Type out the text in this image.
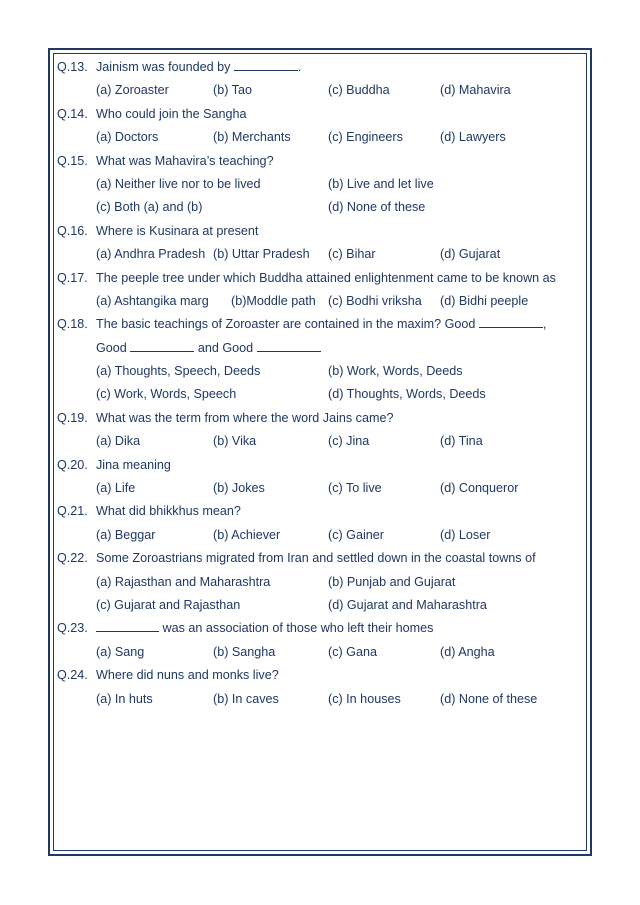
Q.13. Jainism was founded by	.
(a) Zoroaster	(b) Tao	(c) Buddha	(d) Mahavira
Q.14. Who could join the Sangha
(a) Doctors	(b) Merchants	(c) Engineers	(d) Lawyers
Q.15. What was Mahavira’s teaching?
(a) Neither live nor to be lived	(b) Live and let live
(c) Both (a) and (b)	(d) None of these
Q.16. Where is Kusinara at present
(a) Andhra Pradesh (b) Uttar Pradesh (c) Bihar	(d) Gujarat
Q.17. The peeple tree under which Buddha attained enlightenment came to be known as
(a) Ashtangika marg (b)Moddle path (c) Bodhi vriksha (d) Bidhi peeple
Q.18. The basic teachings of Zoroaster are contained in the maxim? Good	,
Good	and Good
(a) Thoughts, Speech, Deeds	(b) Work, Words, Deeds
(c) Work, Words, Speech	(d) Thoughts, Words, Deeds
Q.19. What was the term from where the word Jains came?
(a) Dika	(b) Vika	(c) Jina	(d) Tina
Q.20. Jina meaning
(a) Life	(b) Jokes	(c) To live	(d) Conqueror
Q.21. What did bhikkhus mean?
(a) Beggar	(b) Achiever	(c) Gainer	(d) Loser
Q.22. Some Zoroastrians migrated from Iran and settled down in the coastal towns of
(a) Rajasthan and Maharashtra	(b) Punjab and Gujarat
(c) Gujarat and Rajasthan	(d) Gujarat and Maharashtra
Q.23.	was an association of those who left their homes
(a) Sang	(b) Sangha	(c) Gana	(d) Angha
Q.24. Where did nuns and monks live?
(a) In huts	(b) In caves	(c) In houses	(d) None of these
